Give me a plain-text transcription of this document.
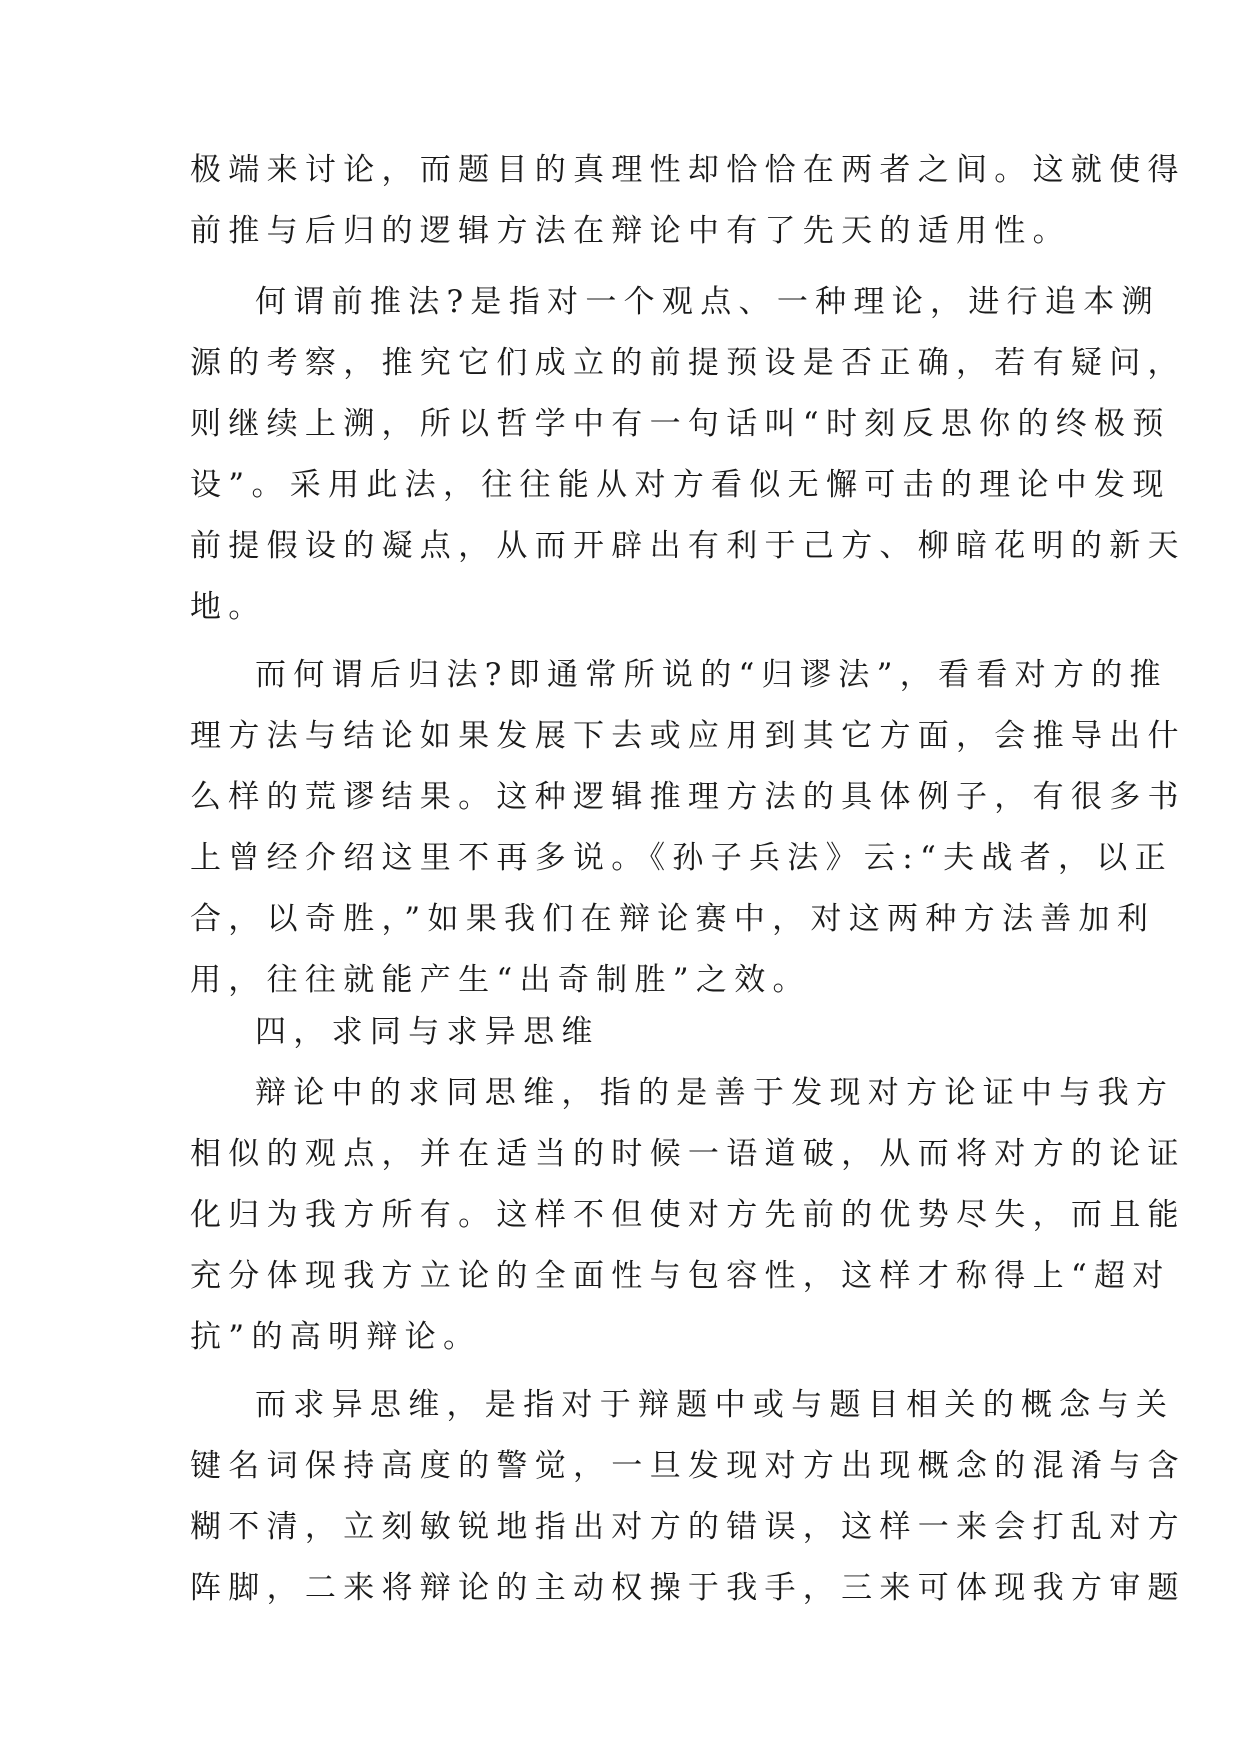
极端来讨论，而题目的真理性却恰恰在两者之间。这就使得
前推与后归的逻辑方法在辩论中有了先天的适用性。
何谓前推法?是指对一个观点、一种理论，进行追本溯
源的考察，推究它们成立的前提预设是否正确，若有疑问，
则继续上溯，所以哲学中有一句话叫“时刻反思你的终极预
设”。采用此法，往往能从对方看似无懈可击的理论中发现
前提假设的凝点，从而开辟出有利于己方、柳暗花明的新天
地。
而何谓后归法?即通常所说的“归谬法”，看看对方的推
理方法与结论如果发展下去或应用到其它方面，会推导出什
么样的荒谬结果。这种逻辑推理方法的具体例子，有很多书
上曾经介绍这里不再多说。《孙子兵法》云:“夫战者，以正
合，以奇胜，”如果我们在辩论赛中，对这两种方法善加利
用，往往就能产生“出奇制胜”之效。
四，求同与求异思维
辩论中的求同思维，指的是善于发现对方论证中与我方
相似的观点，并在适当的时候一语道破，从而将对方的论证
化归为我方所有。这样不但使对方先前的优势尽失，而且能
充分体现我方立论的全面性与包容性，这样才称得上“超对
抗”的高明辩论。
而求异思维，是指对于辩题中或与题目相关的概念与关
键名词保持高度的警觉，一旦发现对方出现概念的混淆与含
糊不清，立刻敏锐地指出对方的错误，这样一来会打乱对方
阵脚，二来将辩论的主动权操于我手，三来可体现我方审题
